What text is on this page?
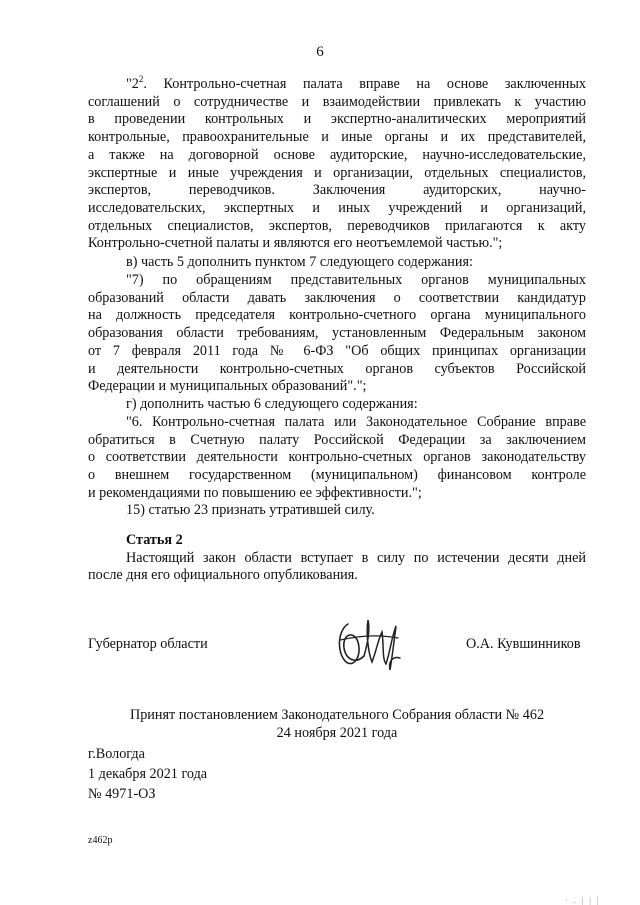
6
"$2^2$. Контрольно-счетная палата вправе на основе заключенных
соглашений о сотрудничестве и взаимодействии привлекать к участию
в проведении контрольных и экспертно-аналитических мероприятий
контрольные, правоохранительные и иные органы и их представителей,
а также на договорной основе аудиторские, научно-исследовательские,
экспертные и иные учреждения и организации, отдельных специалистов,
экспертов, переводчиков. Заключения аудиторских, научно-
исследовательских, экспертных и иных учреждений и организаций,
отдельных специалистов, экспертов, переводчиков прилагаются к акту
Контрольно-счетной палаты и являются его неотъемлемой частью.";
в) часть 5 дополнить пунктом 7 следующего содержания:
"7) по обращениям представительных органов муниципальных
образований области давать заключения о соответствии кандидатур
на должность председателя контрольно-счетного органа муниципального
образования области требованиям, установленным Федеральным законом
от 7 февраля 2011 года № 6-ФЗ "Об общих принципах организации
и деятельности контрольно-счетных органов субъектов Российской
Федерации и муниципальных образований".";
г) дополнить частью 6 следующего содержания:
"6. Контрольно-счетная палата или Законодательное Собрание вправе
обратиться в Счетную палату Российской Федерации за заключением
о соответствии деятельности контрольно-счетных органов законодательству
о внешнем государственном (муниципальном) финансовом контроле
и рекомендациями по повышению ее эффективности.";
15) статью 23 признать утратившей силу.
Статья 2
Настоящий закон области вступает в силу по истечении десяти дней
после дня его официального опубликования.
Губернатор области	О.А. Кувшинников
Принят постановлением Законодательного Собрания области № 462
24 ноября 2021 года
г.Вологда
1 декабря 2021 года
№ 4971-ОЗ
z462p
· . | | |
